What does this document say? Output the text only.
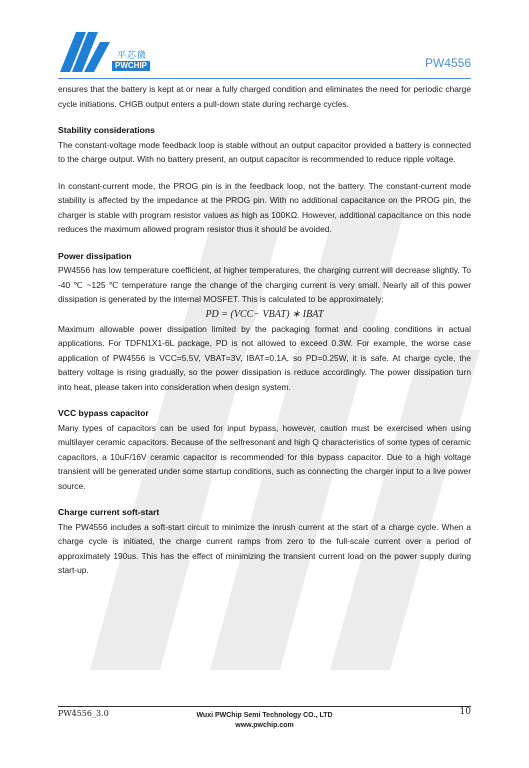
平芯微
PWCHIP	PW4556

ensures that the battery is kept at or near a fully charged condition and eliminates the need for periodic charge cycle initiations. CHGB output enters a pull-down state during recharge cycles.

Stability considerations

The constant-voltage mode feedback loop is stable without an output capacitor provided a battery is connected to the charge output. With no battery present, an output capacitor is recommended to reduce ripple voltage.

In constant-current mode, the PROG pin is in the feedback loop, not the battery. The constant-current mode stability is affected by the impedance at the PROG pin. With no additional capacitance on the PROG pin, the charger is stable with program resistor values as high as 100KΩ. However, additional capacitance on this node reduces the maximum allowed program resistor thus it should be avoided.

Power dissipation

PW4556 has low temperature coefficient, at higher temperatures, the charging current will decrease slightly. To -40 ℃ ~125 ℃ temperature range the change of the charging current is very small. Nearly all of this power dissipation is generated by the internal MOSFET. This is calculated to be approximately:

PD = (VCC− VBAT) ∗ IBAT

Maximum allowable power dissipation limited by the packaging format and cooling conditions in actual applications. For TDFN1X1-6L package, PD is not allowed to exceed 0.3W. For example, the worse case application of PW4556 is VCC=5.5V, VBAT=3V, IBAT=0.1A, so PD=0.25W, it is safe. At charge cycle, the battery voltage is rising gradually, so the power dissipation is reduce accordingly. The power dissipation turn into heat, please taken into consideration when design system.

VCC bypass capacitor

Many types of capacitors can be used for input bypass, however, caution must be exercised when using multilayer ceramic capacitors. Because of the selfresonant and high Q characteristics of some types of ceramic capacitors, a 10uF/16V ceramic capacitor is recommended for this bypass capacitor. Due to a high voltage transient will be generated under some startup conditions, such as connecting the charger input to a live power source.

Charge current soft-start

The PW4556 includes a soft-start circuit to minimize the inrush current at the start of a charge cycle. When a charge cycle is initiated, the charge current ramps from zero to the full-scale current over a period of approximately 190us. This has the effect of minimizing the transient current load on the power supply during start-up.

PW4556_3.0	Wuxi PWChip Semi Technology CO., LTD
www.pwchip.com
10
